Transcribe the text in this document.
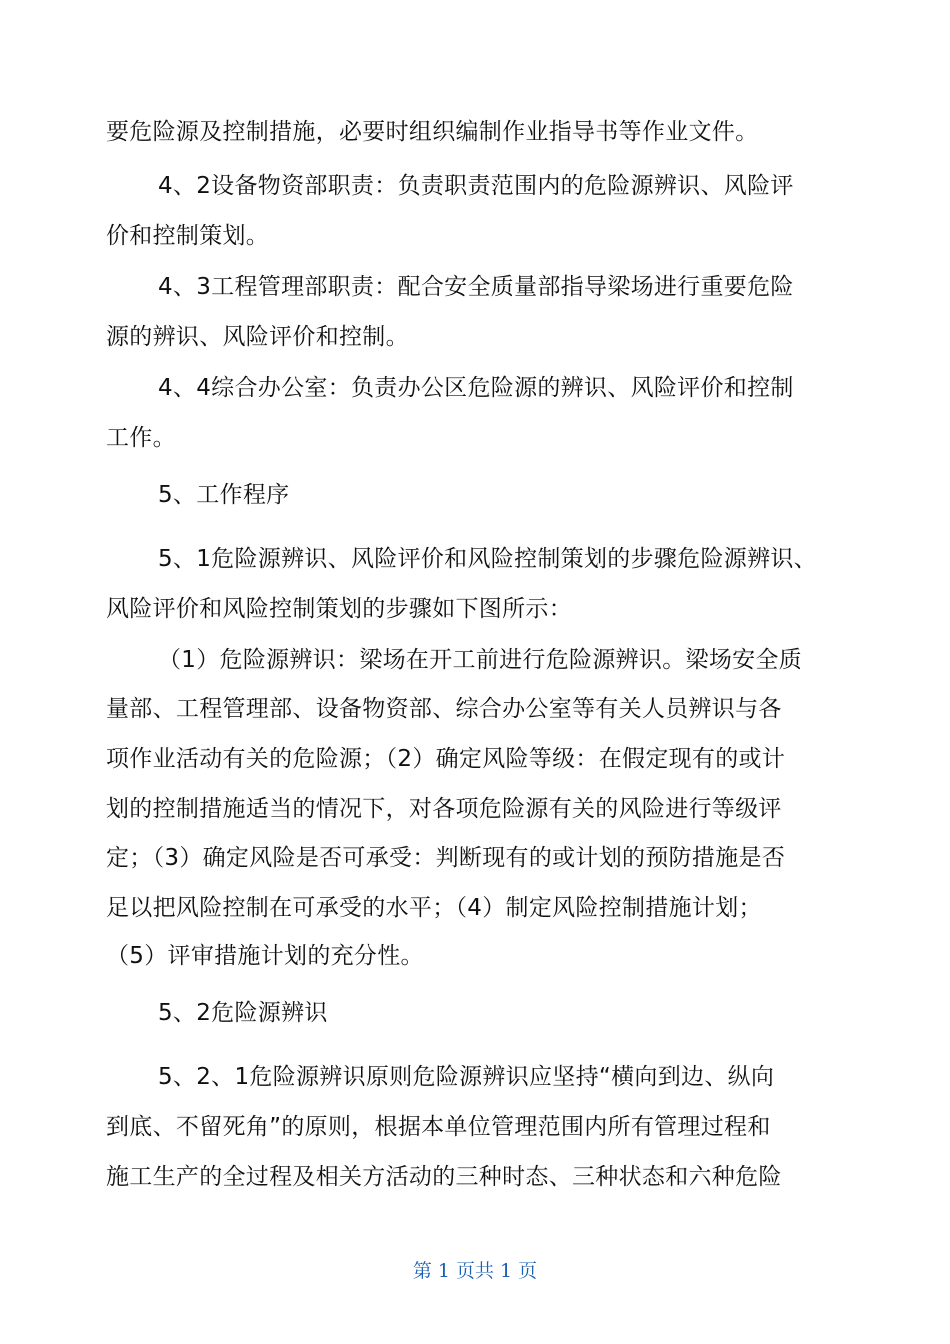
要危险源及控制措施，必要时组织编制作业指导书等作业文件。
4、2设备物资部职责：负责职责范围内的危险源辨识、风险评
价和控制策划。
4、3工程管理部职责：配合安全质量部指导梁场进行重要危险
源的辨识、风险评价和控制。
4、4综合办公室：负责办公区危险源的辨识、风险评价和控制
工作。
5、工作程序
5、1危险源辨识、风险评价和风险控制策划的步骤危险源辨识、
风险评价和风险控制策划的步骤如下图所示：
（1）危险源辨识：梁场在开工前进行危险源辨识。梁场安全质
量部、工程管理部、设备物资部、综合办公室等有关人员辨识与各
项作业活动有关的危险源；（2）确定风险等级：在假定现有的或计
划的控制措施适当的情况下，对各项危险源有关的风险进行等级评
定；（3）确定风险是否可承受：判断现有的或计划的预防措施是否
足以把风险控制在可承受的水平；（4）制定风险控制措施计划；
（5）评审措施计划的充分性。
5、2危险源辨识
5、2、1危险源辨识原则危险源辨识应坚持“横向到边、纵向
到底、不留死角”的原则，根据本单位管理范围内所有管理过程和
施工生产的全过程及相关方活动的三种时态、三种状态和六种危险
第 1 页共 1 页
